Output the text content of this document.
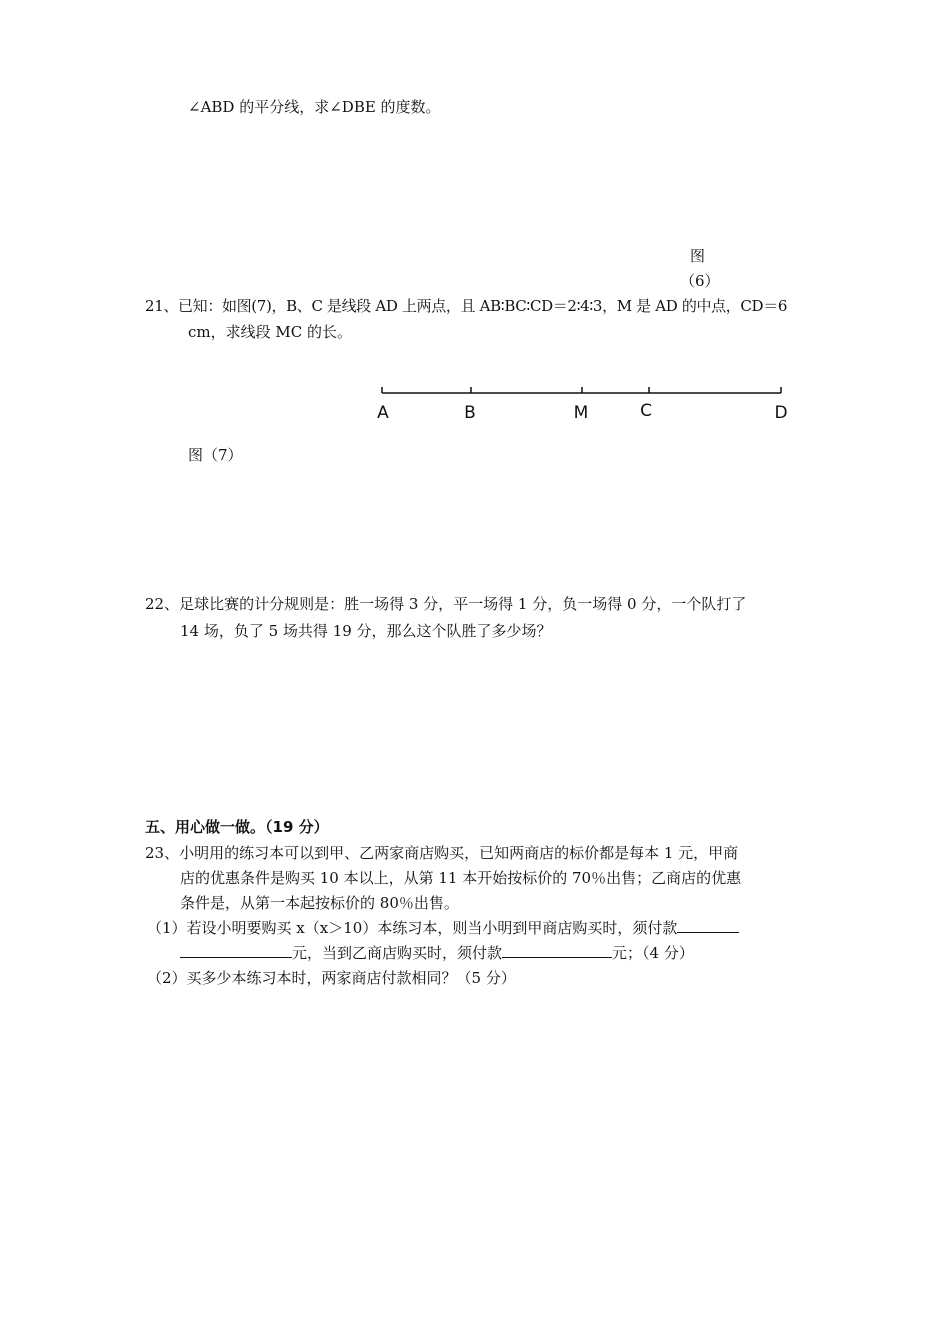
∠ABD 的平分线，求∠DBE 的度数。
图
（6）
21、已知：如图(7)，B、C 是线段 AD 上两点，且 AB∶BC∶CD＝2∶4∶3，M 是 AD 的中点，CD＝6
cm，求线段 MC 的长。
A	B	M	C	D
图（7）
22、足球比赛的计分规则是：胜一场得 3 分，平一场得 1 分，负一场得 0 分，一个队打了
14 场，负了 5 场共得 19 分，那么这个队胜了多少场？
五、用心做一做。（19 分）
23、小明用的练习本可以到甲、乙两家商店购买，已知两商店的标价都是每本 1 元，甲商
店的优惠条件是购买 10 本以上，从第 11 本开始按标价的 70％出售；乙商店的优惠
条件是，从第一本起按标价的 80％出售。
（1）若设小明要购买 x（x＞10）本练习本，则当小明到甲商店购买时，须付款
元，当到乙商店购买时，须付款	元；（4 分）
（2）买多少本练习本时，两家商店付款相同？（5 分）
